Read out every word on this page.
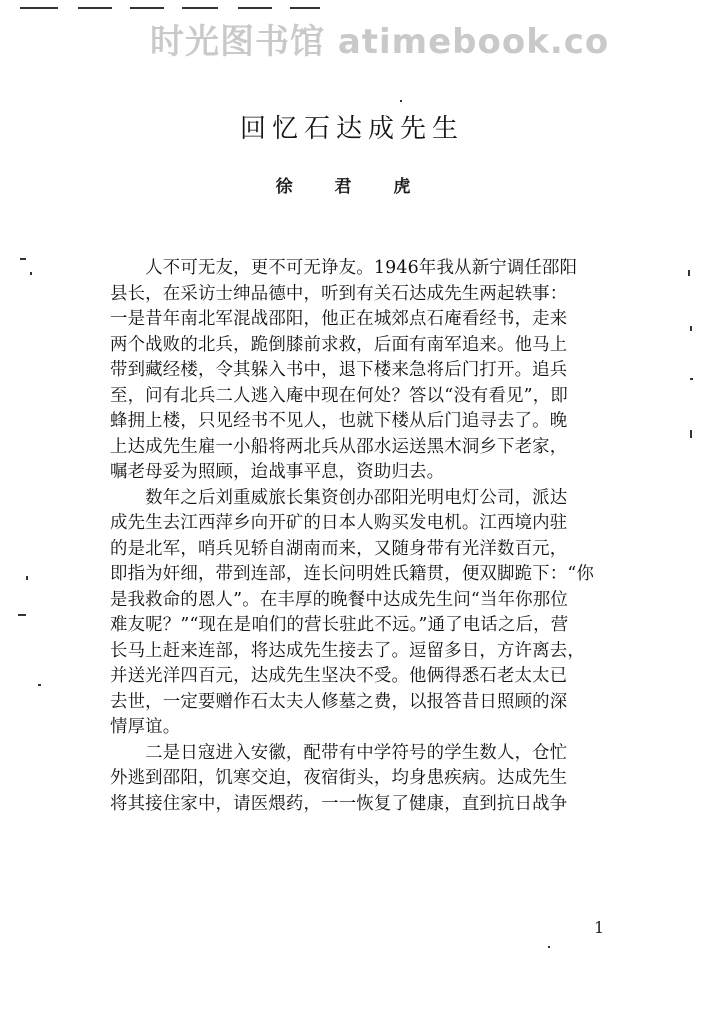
时光图书馆 atimebook.co
回忆石达成先生
徐 君 虎
　　人不可无友，更不可无诤友。1946年我从新宁调任邵阳
县长，在采访士绅品德中，听到有关石达成先生两起轶事：
一是昔年南北军混战邵阳，他正在城郊点石庵看经书，走来
两个战败的北兵，跪倒膝前求救，后面有南军追来。他马上
带到藏经楼，令其躲入书中，退下楼来急将后门打开。追兵
至，问有北兵二人逃入庵中现在何处？答以“没有看见”，即
蜂拥上楼，只见经书不见人，也就下楼从后门追寻去了。晚
上达成先生雇一小船将两北兵从邵水运送黑木洞乡下老家，
嘱老母妥为照顾，迨战事平息，资助归去。
　　数年之后刘重威旅长集资创办邵阳光明电灯公司，派达
成先生去江西萍乡向开矿的日本人购买发电机。江西境内驻
的是北军，哨兵见轿自湖南而来，又随身带有光洋数百元，
即指为奸细，带到连部，连长问明姓氏籍贯，便双脚跪下：“你
是我救命的恩人”。在丰厚的晚餐中达成先生问“当年你那位
难友呢？”“现在是咱们的营长驻此不远。”通了电话之后，营
长马上赶来连部，将达成先生接去了。逗留多日，方许离去，
并送光洋四百元，达成先生坚决不受。他俩得悉石老太太已
去世，一定要赠作石太夫人修墓之费，以报答昔日照顾的深
情厚谊。
　　二是日寇进入安徽，配带有中学符号的学生数人，仓忙
外逃到邵阳，饥寒交迫，夜宿街头，均身患疾病。达成先生
将其接住家中，请医煨药，一一恢复了健康，直到抗日战争
1
